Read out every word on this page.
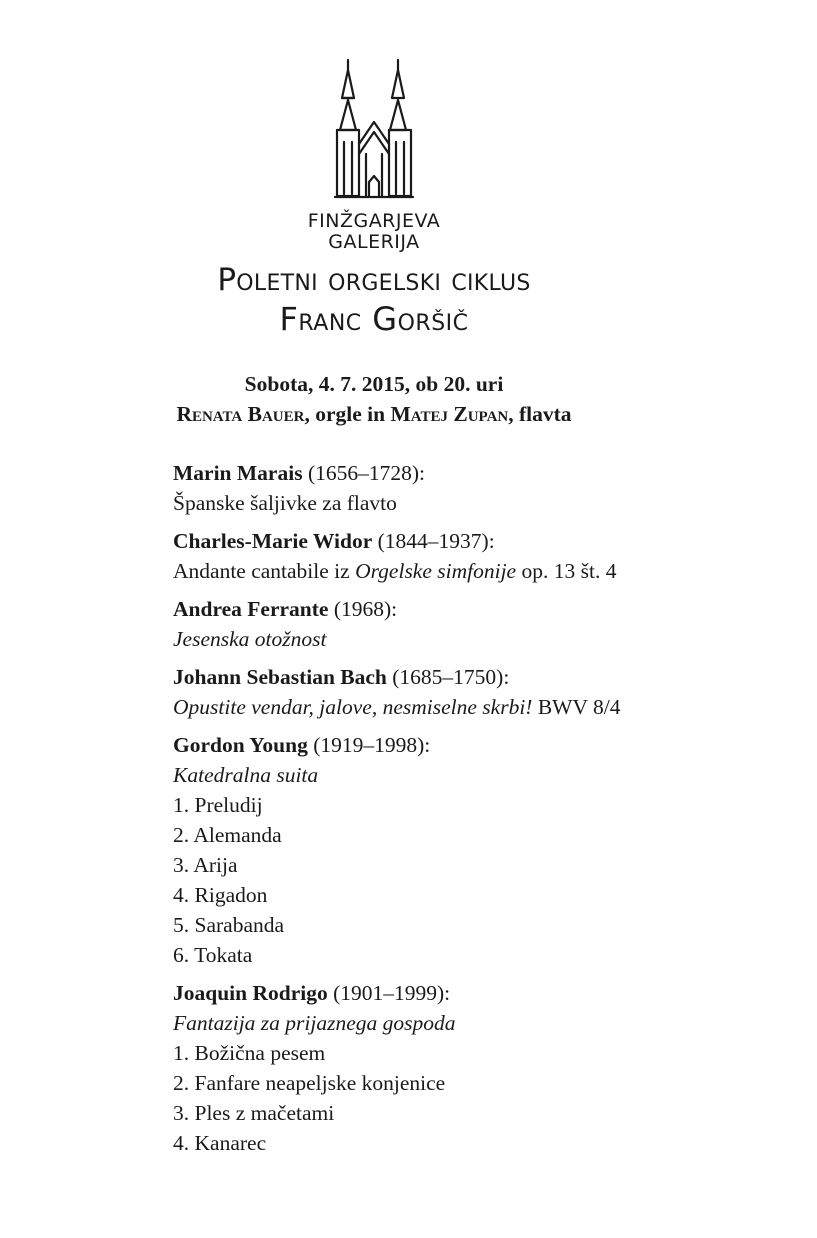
FINŽGARJEVA
GALERIJA
Poletni orgelski ciklus
Franc Goršič
Sobota, 4. 7. 2015, ob 20. uri
Renata Bauer, orgle in Matej Zupan, flavta
Marin Marais (1656–1728):
Španske šaljivke za flavto
Charles-Marie Widor (1844–1937):
Andante cantabile iz Orgelske simfonije op. 13 št. 4
Andrea Ferrante (1968):
Jesenska otožnost
Johann Sebastian Bach (1685–1750):
Opustite vendar, jalove, nesmiselne skrbi! BWV 8/4
Gordon Young (1919–1998):
Katedralna suita
1. Preludij
2. Alemanda
3. Arija
4. Rigadon
5. Sarabanda
6. Tokata
Joaquin Rodrigo (1901–1999):
Fantazija za prijaznega gospoda
1. Božična pesem
2. Fanfare neapeljske konjenice
3. Ples z mačetami
4. Kanarec
